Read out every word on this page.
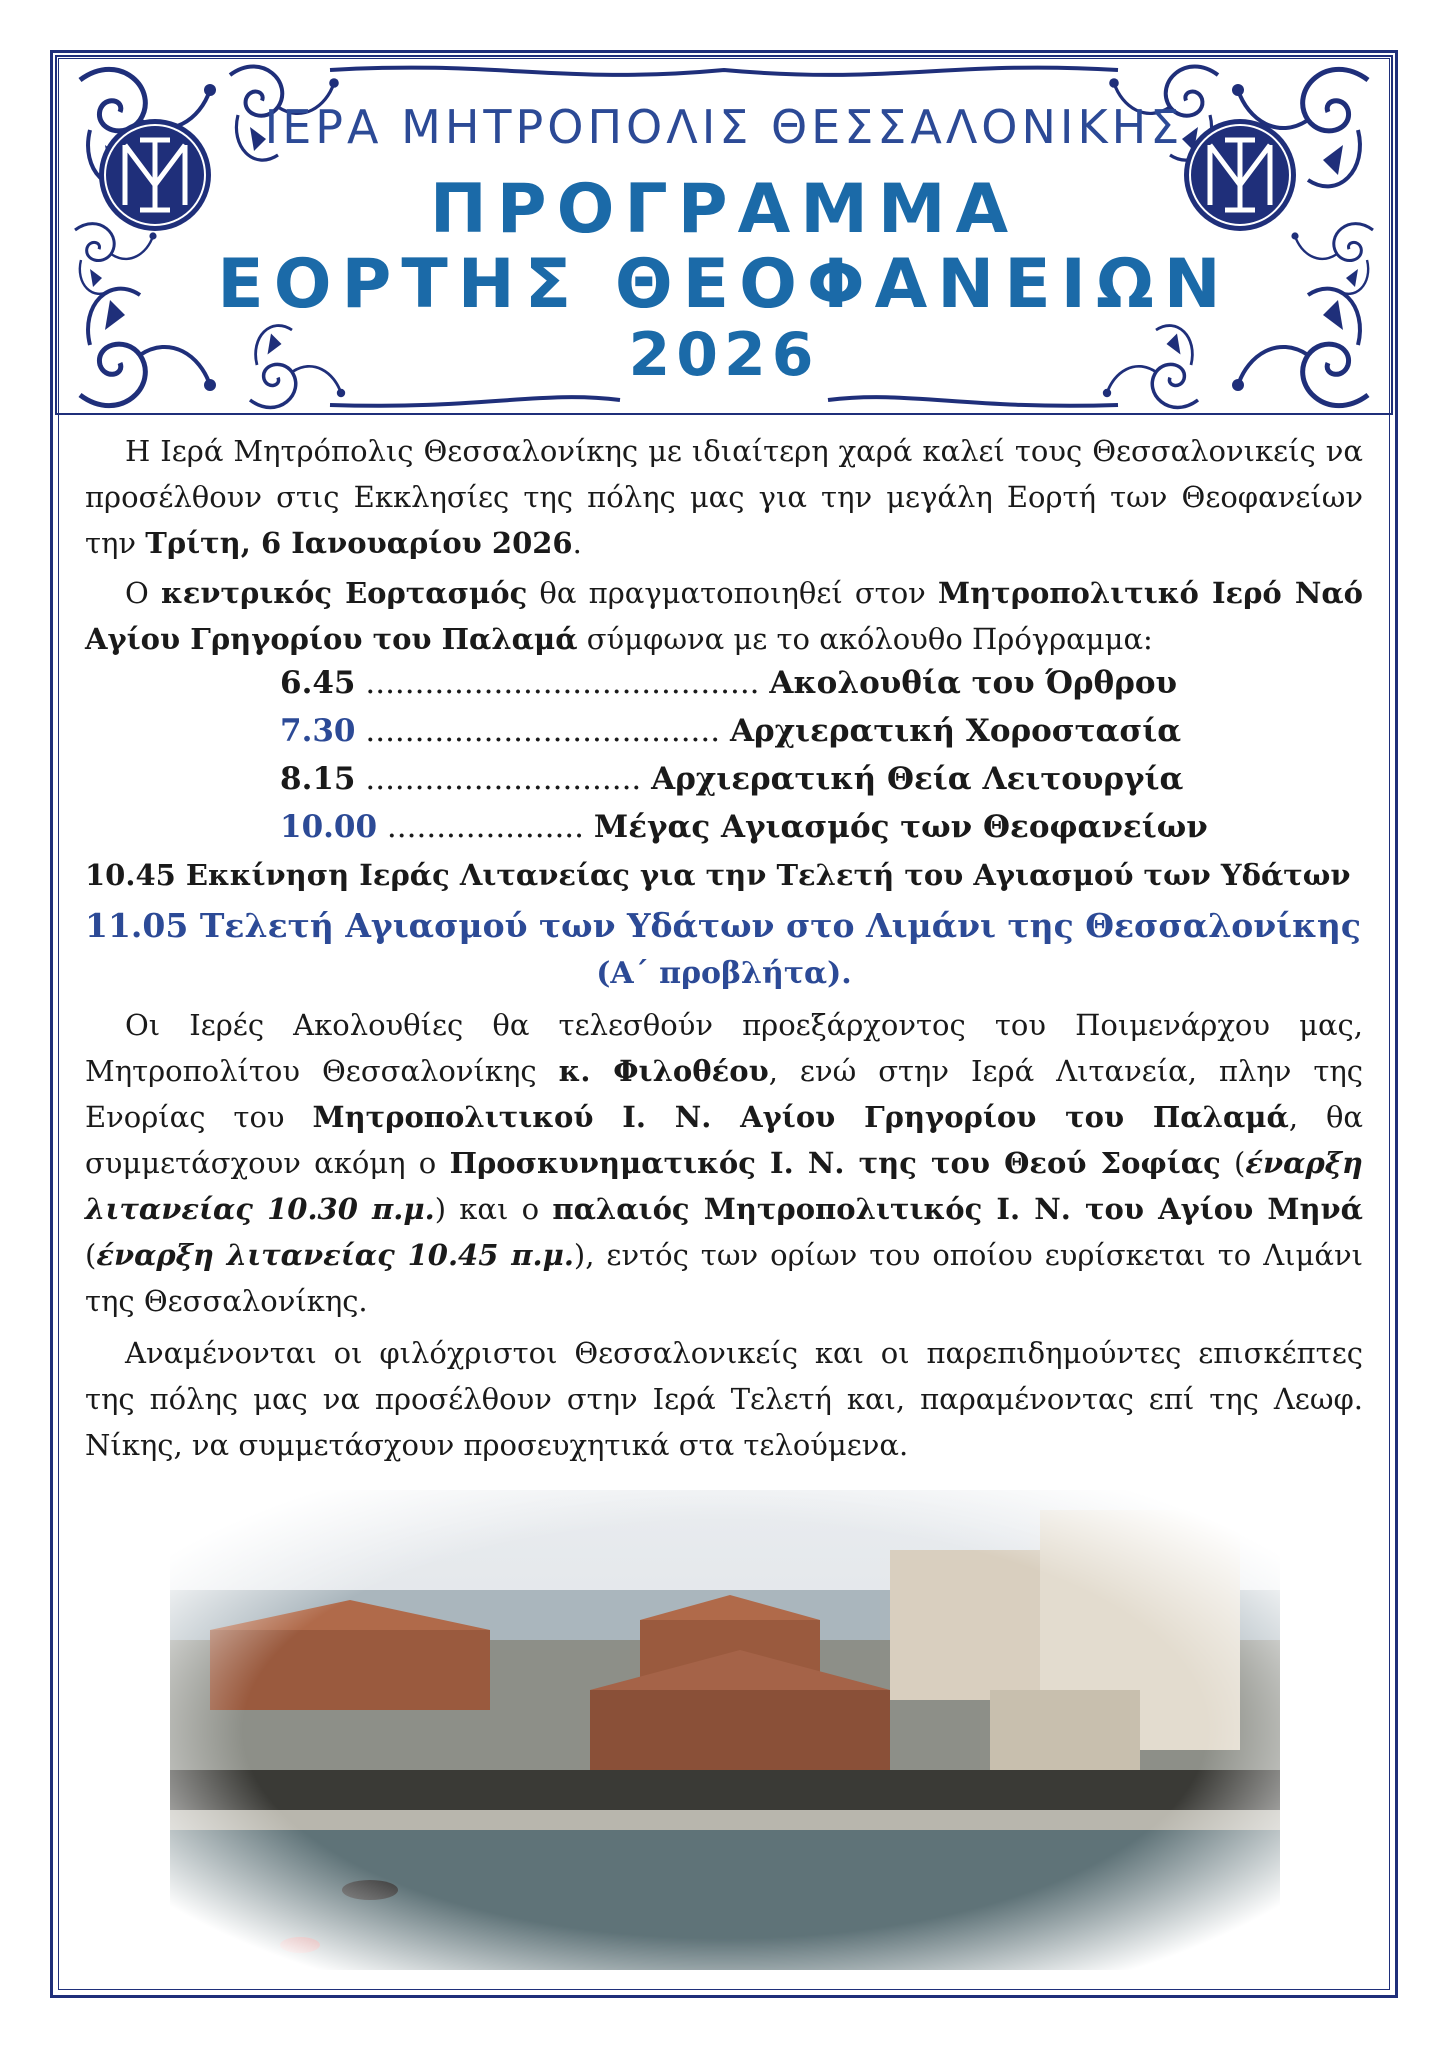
ΙΕΡΑ ΜΗΤΡΟΠΟΛΙΣ ΘΕΣΣΑΛΟΝΙΚΗΣ
ΠΡΟΓΡΑΜΜΑ
ΕΟΡΤΗΣ ΘΕΟΦΑΝΕΙΩΝ
2026

Η Ιερά Μητρόπολις Θεσσαλονίκης με ιδιαίτερη χαρά καλεί τους Θεσσαλονικείς να προσέλθουν στις Εκκλησίες της πόλης μας για την μεγάλη Εορτή των Θεοφανείων την Τρίτη, 6 Ιανουαρίου 2026.

Ο κεντρικός Εορτασμός θα πραγματοποιηθεί στον Μητροπολιτικό Ιερό Ναό Αγίου Γρηγορίου του Παλαμά σύμφωνα με το ακόλουθο Πρόγραμμα:

6.45 ........................................ Ακολουθία του Όρθρου
7.30 .................................... Αρχιερατική Χοροστασία
8.15 ............................ Αρχιερατική Θεία Λειτουργία
10.00 .................... Μέγας Αγιασμός των Θεοφανείων
10.45 Εκκίνηση Ιεράς Λιτανείας για την Τελετή του Αγιασμού των Υδάτων
11.05 Τελετή Αγιασμού των Υδάτων στο Λιμάνι της Θεσσαλονίκης
(Α΄ προβλήτα).

Οι Ιερές Ακολουθίες θα τελεσθούν προεξάρχοντος του Ποιμενάρχου μας, Μητροπολίτου Θεσσαλονίκης κ. Φιλοθέου, ενώ στην Ιερά Λιτανεία, πλην της Ενορίας του Μητροπολιτικού Ι. Ν. Αγίου Γρηγορίου του Παλαμά, θα συμμετάσχουν ακόμη ο Προσκυνηματικός Ι. Ν. της του Θεού Σοφίας (έναρξη λιτανείας 10.30 π.μ.) και ο παλαιός Μητροπολιτικός Ι. Ν. του Αγίου Μηνά (έναρξη λιτανείας 10.45 π.μ.), εντός των ορίων του οποίου ευρίσκεται το Λιμάνι της Θεσσαλονίκης.

Αναμένονται οι φιλόχριστοι Θεσσαλονικείς και οι παρεπιδημούντες επισκέπτες της πόλης μας να προσέλθουν στην Ιερά Τελετή και, παραμένοντας επί της Λεωφ. Νίκης, να συμμετάσχουν προσευχητικά στα τελούμενα.
